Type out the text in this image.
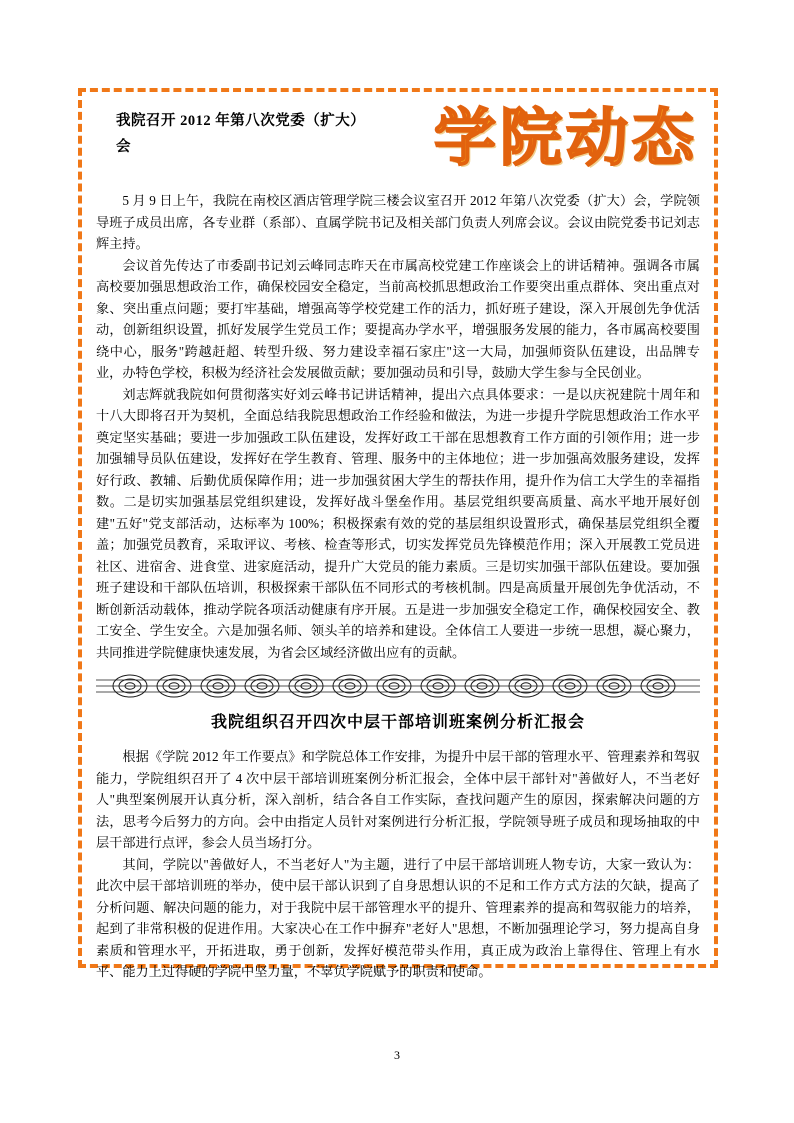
我院召开 2012 年第八次党委（扩大）会	学院动态

5 月 9 日上午，我院在南校区酒店管理学院三楼会议室召开 2012 年第八次党委（扩大）会，学院领导班子成员出席，各专业群（系部）、直属学院书记及相关部门负责人列席会议。会议由院党委书记刘志辉主持。

会议首先传达了市委副书记刘云峰同志昨天在市属高校党建工作座谈会上的讲话精神。强调各市属高校要加强思想政治工作，确保校园安全稳定，当前高校抓思想政治工作要突出重点群体、突出重点对象、突出重点问题；要打牢基础，增强高等学校党建工作的活力，抓好班子建设，深入开展创先争优活动，创新组织设置，抓好发展学生党员工作；要提高办学水平，增强服务发展的能力，各市属高校要围绕中心，服务"跨越赶超、转型升级、努力建设幸福石家庄"这一大局，加强师资队伍建设，出品牌专业，办特色学校，积极为经济社会发展做贡献；要加强动员和引导，鼓励大学生参与全民创业。

刘志辉就我院如何贯彻落实好刘云峰书记讲话精神，提出六点具体要求：一是以庆祝建院十周年和十八大即将召开为契机，全面总结我院思想政治工作经验和做法，为进一步提升学院思想政治工作水平奠定坚实基础；要进一步加强政工队伍建设，发挥好政工干部在思想教育工作方面的引领作用；进一步加强辅导员队伍建设，发挥好在学生教育、管理、服务中的主体地位；进一步加强高效服务建设，发挥好行政、教辅、后勤优质保障作用；进一步加强贫困大学生的帮扶作用，提升作为信工大学生的幸福指数。二是切实加强基层党组织建设，发挥好战斗堡垒作用。基层党组织要高质量、高水平地开展好创建"五好"党支部活动，达标率为 100%；积极探索有效的党的基层组织设置形式，确保基层党组织全覆盖；加强党员教育，采取评议、考核、检查等形式，切实发挥党员先锋模范作用；深入开展教工党员进社区、进宿舍、进食堂、进家庭活动，提升广大党员的能力素质。三是切实加强干部队伍建设。要加强班子建设和干部队伍培训，积极探索干部队伍不同形式的考核机制。四是高质量开展创先争优活动，不断创新活动载体，推动学院各项活动健康有序开展。五是进一步加强安全稳定工作，确保校园安全、教工安全、学生安全。六是加强名师、领头羊的培养和建设。全体信工人要进一步统一思想，凝心聚力，共同推进学院健康快速发展，为省会区域经济做出应有的贡献。

我院组织召开四次中层干部培训班案例分析汇报会

根据《学院 2012 年工作要点》和学院总体工作安排，为提升中层干部的管理水平、管理素养和驾驭能力，学院组织召开了 4 次中层干部培训班案例分析汇报会，全体中层干部针对"善做好人，不当老好人"典型案例展开认真分析，深入剖析，结合各自工作实际，查找问题产生的原因，探索解决问题的方法，思考今后努力的方向。会中由指定人员针对案例进行分析汇报，学院领导班子成员和现场抽取的中层干部进行点评，参会人员当场打分。

其间，学院以"善做好人，不当老好人"为主题，进行了中层干部培训班人物专访，大家一致认为：此次中层干部培训班的举办，使中层干部认识到了自身思想认识的不足和工作方式方法的欠缺，提高了分析问题、解决问题的能力，对于我院中层干部管理水平的提升、管理素养的提高和驾驭能力的培养，起到了非常积极的促进作用。大家决心在工作中摒弃"老好人"思想，不断加强理论学习，努力提高自身素质和管理水平，开拓进取，勇于创新，发挥好模范带头作用，真正成为政治上靠得住、管理上有水平、能力上过得硬的学院中坚力量，不辜负学院赋予的职责和使命。

3
